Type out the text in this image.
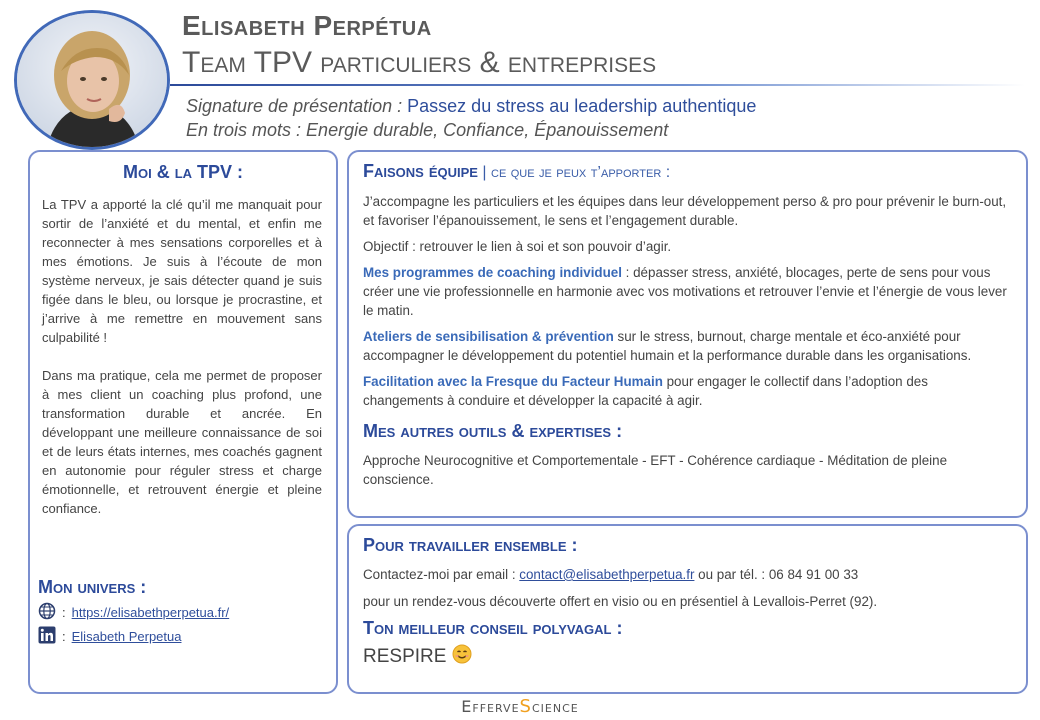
Elisabeth Perpétua
Team TPV particuliers & entreprises
Signature de présentation : Passez du stress au leadership authentique
En trois mots : Energie durable, Confiance, Épanouissement
Moi & la TPV :

La TPV a apporté la clé qu’il me manquait pour sortir de l’anxiété et du mental, et enfin me reconnecter à mes sensations corporelles et à mes émotions. Je suis à l’écoute de mon système nerveux, je sais détecter quand je suis figée dans le bleu, ou lorsque je procrastine, et j’arrive à me remettre en mouvement sans culpabilité !

Dans ma pratique, cela me permet de proposer à mes client un coaching plus profond, une transformation durable et ancrée. En développant une meilleure connaissance de soi et de leurs états internes, mes coachés gagnent en autonomie pour réguler stress et charge émotionnelle, et retrouvent énergie et pleine confiance.

Mon univers :
: https://elisabethperpetua.fr/
: Elisabeth Perpetua
Faisons équipe | ce que je peux t’apporter :

J’accompagne les particuliers et les équipes dans leur développement perso & pro pour prévenir le burn-out, et favoriser l’épanouissement, le sens et l’engagement durable.

Objectif : retrouver le lien à soi et son pouvoir d’agir.

Mes programmes de coaching individuel : dépasser stress, anxiété, blocages, perte de sens pour vous créer une vie professionnelle en harmonie avec vos motivations et retrouver l’envie et l’énergie de vous lever le matin.

Ateliers de sensibilisation & prévention sur le stress, burnout, charge mentale et éco-anxiété pour accompagner le développement du potentiel humain et la performance durable dans les organisations.

Facilitation avec la Fresque du Facteur Humain pour engager le collectif dans l’adoption des changements à conduire et développer la capacité à agir.

Mes autres outils & expertises :

Approche Neurocognitive et Comportementale - EFT - Cohérence cardiaque - Méditation de pleine conscience.

Pour travailler ensemble :

Contactez-moi par email : contact@elisabethperpetua.fr ou par tél. : 06 84 91 00 33

pour un rendez-vous découverte offert en visio ou en présentiel à Levallois-Perret (92).

Ton meilleur conseil polyvagal :
RESPIRE
EfferveScience
